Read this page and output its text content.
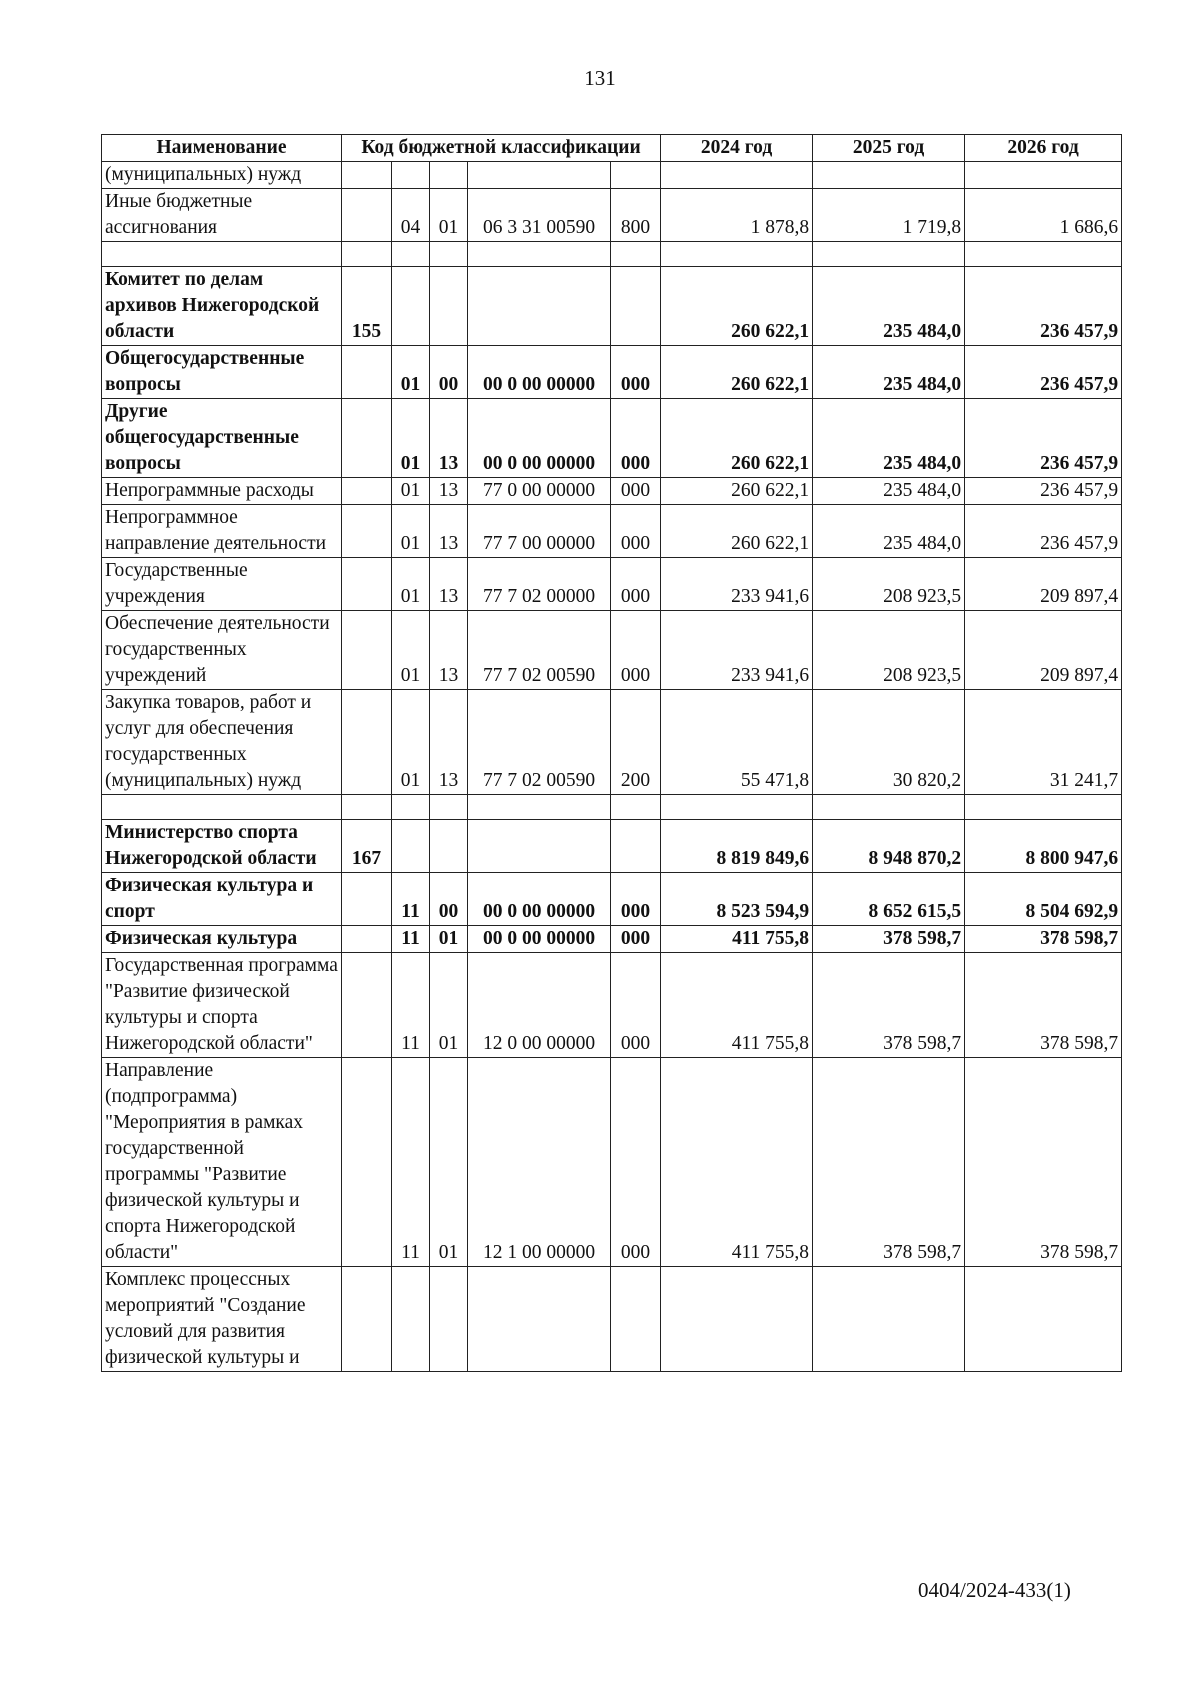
131
Наименование	Код бюджетной классификации					2024 год	2025 год	2026 год
(муниципальных) нужд								
Иные бюджетные ассигнования		04	01	06 3 31 00590	800	1 878,8	1 719,8	1 686,6

Комитет по делам архивов Нижегородской области	155					260 622,1	235 484,0	236 457,9
Общегосударственные вопросы		01	00	00 0 00 00000	000	260 622,1	235 484,0	236 457,9
Другие общегосударственные вопросы		01	13	00 0 00 00000	000	260 622,1	235 484,0	236 457,9
Непрограммные расходы		01	13	77 0 00 00000	000	260 622,1	235 484,0	236 457,9
Непрограммное направление деятельности		01	13	77 7 00 00000	000	260 622,1	235 484,0	236 457,9
Государственные учреждения		01	13	77 7 02 00000	000	233 941,6	208 923,5	209 897,4
Обеспечение деятельности государственных учреждений		01	13	77 7 02 00590	000	233 941,6	208 923,5	209 897,4
Закупка товаров, работ и услуг для обеспечения государственных (муниципальных) нужд		01	13	77 7 02 00590	200	55 471,8	30 820,2	31 241,7

Министерство спорта Нижегородской области	167					8 819 849,6	8 948 870,2	8 800 947,6
Физическая культура и спорт		11	00	00 0 00 00000	000	8 523 594,9	8 652 615,5	8 504 692,9
Физическая культура		11	01	00 0 00 00000	000	411 755,8	378 598,7	378 598,7
Государственная программа "Развитие физической культуры и спорта Нижегородской области"		11	01	12 0 00 00000	000	411 755,8	378 598,7	378 598,7
Направление (подпрограмма) "Мероприятия в рамках государственной программы "Развитие физической культуры и спорта Нижегородской области"		11	01	12 1 00 00000	000	411 755,8	378 598,7	378 598,7
Комплекс процессных мероприятий "Создание условий для развития физической культуры и								
0404/2024-433(1)
